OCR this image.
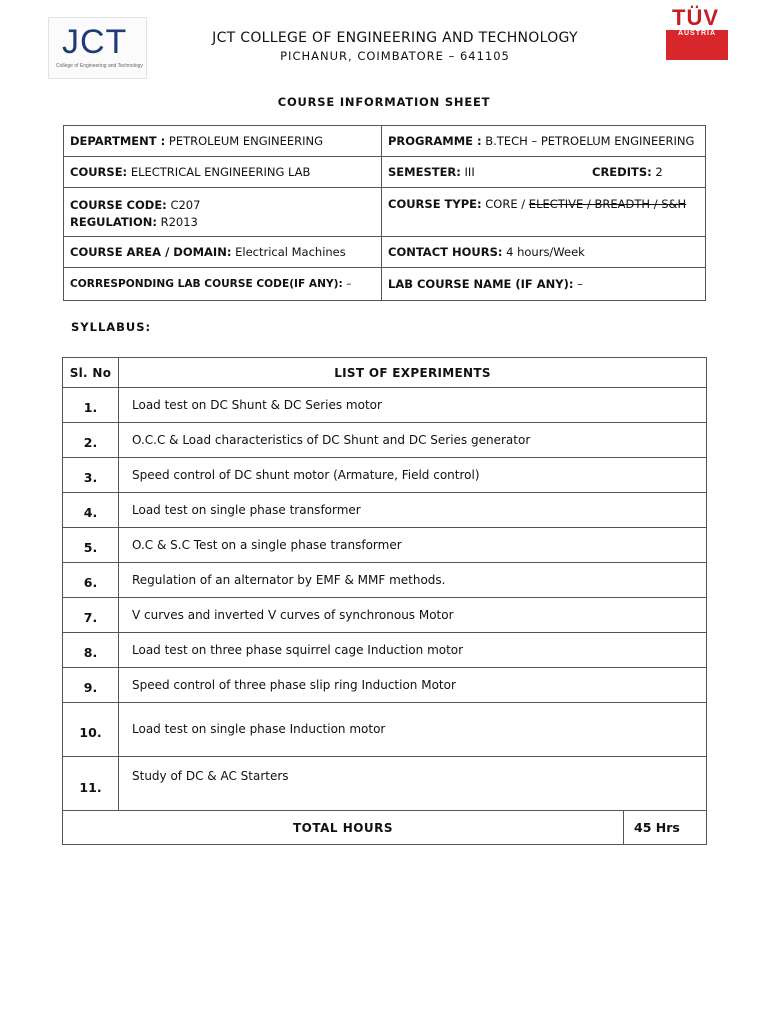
JCT
College of Engineering and Technology
TÜV
AUSTRIA
JCT COLLEGE OF ENGINEERING AND TECHNOLOGY
PICHANUR, COIMBATORE – 641105
COURSE INFORMATION SHEET
DEPARTMENT : PETROLEUM ENGINEERING	PROGRAMME : B.TECH – PETROELUM ENGINEERING
COURSE: ELECTRICAL ENGINEERING LAB	SEMESTER: III CREDITS: 2

COURSE CODE: C207
REGULATION: R2013	COURSE TYPE: CORE / ELECTIVE / BREADTH / S&H
COURSE AREA / DOMAIN: Electrical Machines	CONTACT HOURS: 4 hours/Week
CORRESPONDING LAB COURSE CODE(IF ANY): –	LAB COURSE NAME (IF ANY): –
SYLLABUS:
Sl. No	LIST OF EXPERIMENTS	
1.	Load test on DC Shunt & DC Series motor	
2.	O.C.C & Load characteristics of DC Shunt and DC Series generator	
3.	Speed control of DC shunt motor (Armature, Field control)	
4.	Load test on single phase transformer	
5.	O.C & S.C Test on a single phase transformer	
6.	Regulation of an alternator by EMF & MMF methods.	
7.	V curves and inverted V curves of synchronous Motor	
8.	Load test on three phase squirrel cage Induction motor	
9.	Speed control of three phase slip ring Induction Motor	
10.	Load test on single phase Induction motor	
11.	Study of DC & AC Starters	
TOTAL HOURS		45 Hrs
